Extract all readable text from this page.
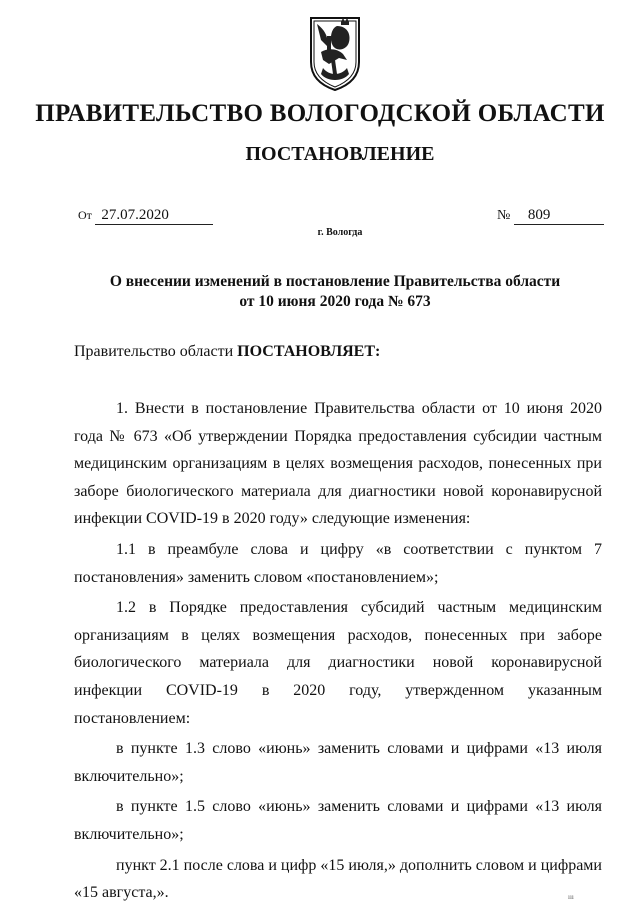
ПРАВИТЕЛЬСТВО ВОЛОГОДСКОЙ ОБЛАСТИ
ПОСТАНОВЛЕНИЕ
От 27.07.2020	№ 809
г. Вологда
О внесении изменений в постановление Правительства области
от 10 июня 2020 года № 673
Правительство области ПОСТАНОВЛЯЕТ:

1. Внести в постановление Правительства области от 10 июня 2020 года № 673 «Об утверждении Порядка предоставления субсидии частным медицинским организациям в целях возмещения расходов, понесенных при заборе биологического материала для диагностики новой коронавирусной инфекции COVID-19 в 2020 году» следующие изменения:

1.1 в преамбуле слова и цифру «в соответствии с пунктом 7 постановления» заменить словом «постановлением»;

1.2 в Порядке предоставления субсидий частным медицинским организациям в целях возмещения расходов, понесенных при заборе биологического материала для диагностики новой коронавирусной инфекции COVID-19 в 2020 году, утвержденном указанным постановлением:

в пункте 1.3 слово «июнь» заменить словами и цифрами «13 июля включительно»;

в пункте 1.5 слово «июнь» заменить словами и цифрами «13 июля включительно»;

пункт 2.1 после слова и цифр «15 июля,» дополнить словом и цифрами «15 августа,».	ııı
